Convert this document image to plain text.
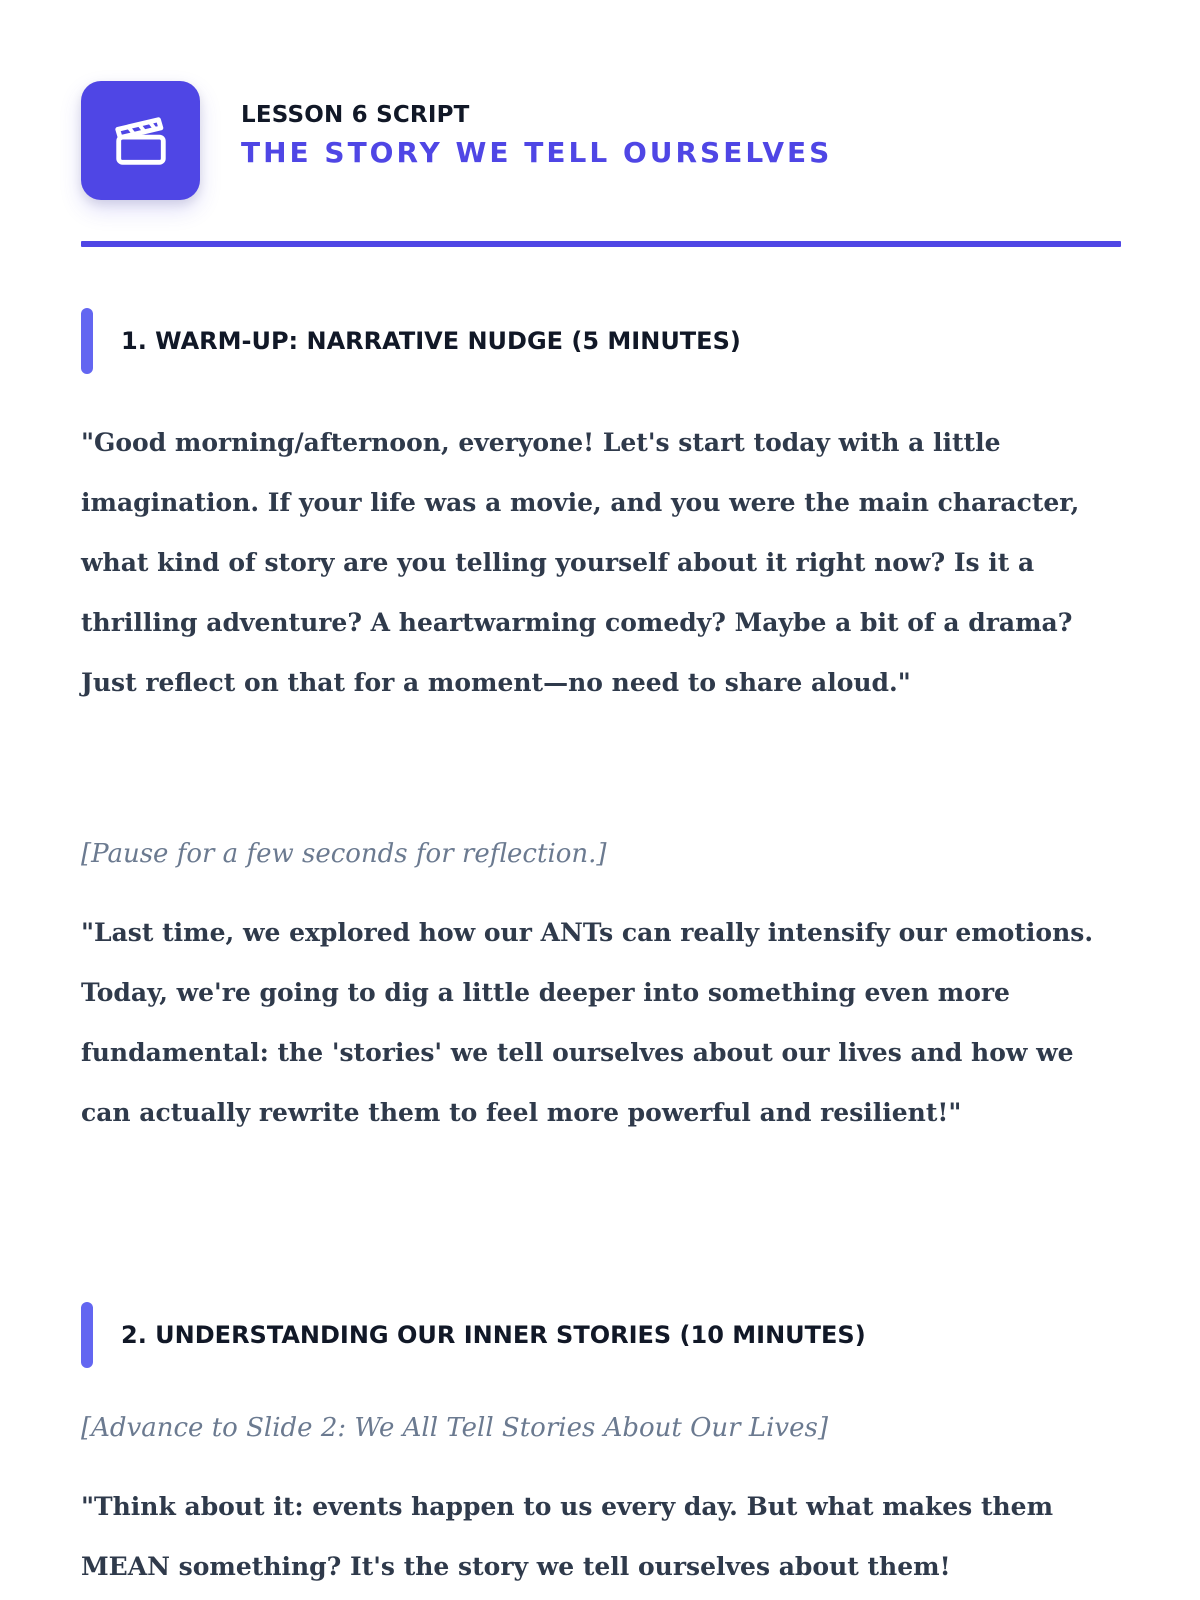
LESSON 6 SCRIPT
THE STORY WE TELL OURSELVES
1. WARM-UP: NARRATIVE NUDGE (5 MINUTES)

"Good morning/afternoon, everyone! Let's start today with a little imagination. If your life was a movie, and you were the main character, what kind of story are you telling yourself about it right now? Is it a thrilling adventure? A heartwarming comedy? Maybe a bit of a drama? Just reflect on that for a moment—no need to share aloud."

[Pause for a few seconds for reflection.]

"Last time, we explored how our ANTs can really intensify our emotions. Today, we're going to dig a little deeper into something even more fundamental: the 'stories' we tell ourselves about our lives and how we can actually rewrite them to feel more powerful and resilient!"

2. UNDERSTANDING OUR INNER STORIES (10 MINUTES)

[Advance to Slide 2: We All Tell Stories About Our Lives]

"Think about it: events happen to us every day. But what makes them MEAN something? It's the story we tell ourselves about them!
